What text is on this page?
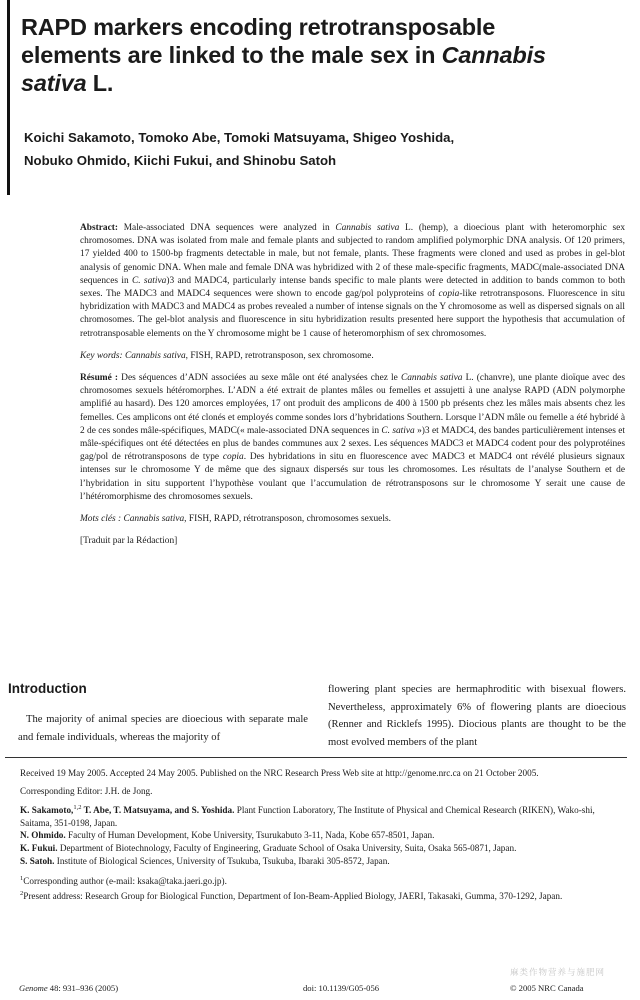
RAPD markers encoding retrotransposable
elements are linked to the male sex in Cannabis
sativa L.
Koichi Sakamoto, Tomoko Abe, Tomoki Matsuyama, Shigeo Yoshida,
Nobuko Ohmido, Kiichi Fukui, and Shinobu Satoh

Abstract: Male-associated DNA sequences were analyzed in Cannabis sativa L. (hemp), a dioecious plant with heteromorphic sex chromosomes. DNA was isolated from male and female plants and subjected to random amplified polymorphic DNA analysis. Of 120 primers, 17 yielded 400 to 1500-bp fragments detectable in male, but not female, plants. These fragments were cloned and used as probes in gel-blot analysis of genomic DNA. When male and female DNA was hybridized with 2 of these male-specific fragments, MADC(male-associated DNA sequences in C. sativa)3 and MADC4, particularly intense bands specific to male plants were detected in addition to bands common to both sexes. The MADC3 and MADC4 sequences were shown to encode gag/pol polyproteins of copia-like retrotransposons. Fluorescence in situ hybridization with MADC3 and MADC4 as probes revealed a number of intense signals on the Y chromosome as well as dispersed signals on all chromosomes. The gel-blot analysis and fluorescence in situ hybridization results presented here support the hypothesis that accumulation of retrotransposable elements on the Y chromosome might be 1 cause of heteromorphism of sex chromosomes.

Key words: Cannabis sativa, FISH, RAPD, retrotransposon, sex chromosome.

Résumé : Des séquences d’ADN associées au sexe mâle ont été analysées chez le Cannabis sativa L. (chanvre), une plante dioïque avec des chromosomes sexuels hétéromorphes. L’ADN a été extrait de plantes mâles ou femelles et assujetti à une analyse RAPD (ADN polymorphe amplifié au hasard). Des 120 amorces employées, 17 ont produit des amplicons de 400 à 1500 pb présents chez les mâles mais absents chez les femelles. Ces amplicons ont été clonés et employés comme sondes lors d’hybridations Southern. Lorsque l’ADN mâle ou femelle a été hybridé à 2 de ces sondes mâle-spécifiques, MADC(« male-associated DNA sequences in C. sativa »)3 et MADC4, des bandes particulièrement intenses et mâle-spécifiques ont été détectées en plus de bandes communes aux 2 sexes. Les séquences MADC3 et MADC4 codent pour des polyprotéines gag/pol de rétrotransposons de type copia. Des hybridations in situ en fluorescence avec MADC3 et MADC4 ont révélé plusieurs signaux intenses sur le chromosome Y de même que des signaux dispersés sur tous les chromosomes. Les résultats de l’analyse Southern et de l’hybridation in situ supportent l’hypothèse voulant que l’accumulation de rétrotransposons sur le chromosome Y serait une cause de l’hétéromorphisme des chromosomes sexuels.

Mots clés : Cannabis sativa, FISH, RAPD, rétrotransposon, chromosomes sexuels.

[Traduit par la Rédaction]

Introduction
The majority of animal species are dioecious with separate male and female individuals, whereas the majority of
flowering plant species are hermaphroditic with bisexual flowers. Nevertheless, approximately 6% of flowering plants are dioecious (Renner and Ricklefs 1995). Diocious plants are thought to be the most evolved members of the plant

Received 19 May 2005. Accepted 24 May 2005. Published on the NRC Research Press Web site at http://genome.nrc.ca on 21 October 2005.

Corresponding Editor: J.H. de Jong.

K. Sakamoto,$^{1,2}$ T. Abe, T. Matsuyama, and S. Yoshida. Plant Function Laboratory, The Institute of Physical and Chemical Research (RIKEN), Wako-shi, Saitama, 351-0198, Japan.
N. Ohmido. Faculty of Human Development, Kobe University, Tsurukabuto 3-11, Nada, Kobe 657-8501, Japan.
K. Fukui. Department of Biotechnology, Faculty of Engineering, Graduate School of Osaka University, Suita, Osaka 565-0871, Japan.
S. Satoh. Institute of Biological Sciences, University of Tsukuba, Tsukuba, Ibaraki 305-8572, Japan.
$^1$Corresponding author (e-mail: ksaka@taka.jaeri.go.jp).
$^2$Present address: Research Group for Biological Function, Department of Ion-Beam-Applied Biology, JAERI, Takasaki, Gumma, 370-1292, Japan.
麻类作物营养与施肥网
Genome 48: 931–936 (2005)	doi: 10.1139/G05-056	© 2005 NRC Canada
